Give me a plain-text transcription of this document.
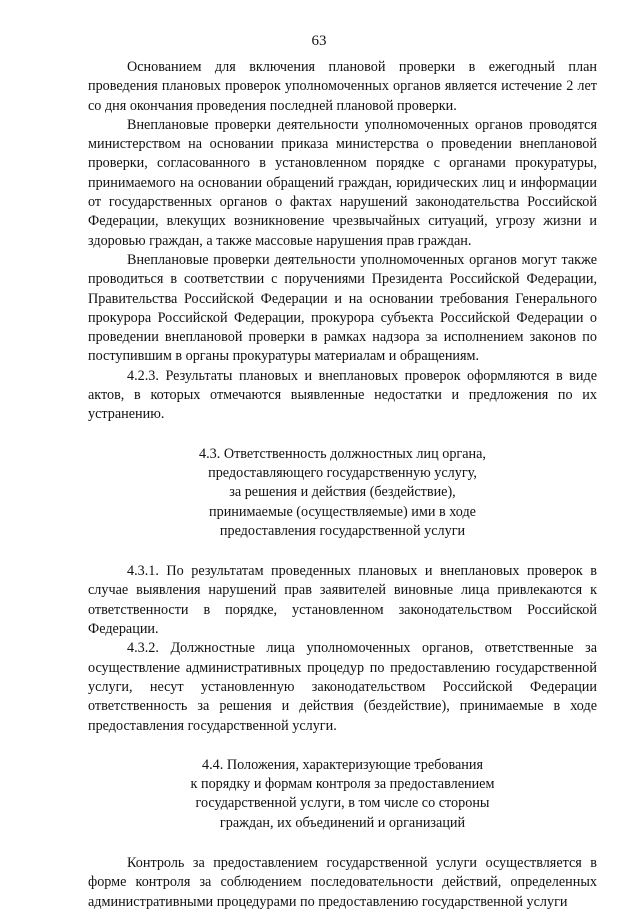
63

Основанием для включения плановой проверки в ежегодный план проведения плановых проверок уполномоченных органов является истечение 2 лет со дня окончания проведения последней плановой проверки.

Внеплановые проверки деятельности уполномоченных органов проводятся министерством на основании приказа министерства о проведении внеплановой проверки, согласованного в установленном порядке с органами прокуратуры, принимаемого на основании обращений граждан, юридических лиц и информации от государственных органов о фактах нарушений законодательства Российской Федерации, влекущих возникновение чрезвычайных ситуаций, угрозу жизни и здоровью граждан, а также массовые нарушения прав граждан.

Внеплановые проверки деятельности уполномоченных органов могут также проводиться в соответствии с поручениями Президента Российской Федерации, Правительства Российской Федерации и на основании требования Генерального прокурора Российской Федерации, прокурора субъекта Российской Федерации о проведении внеплановой проверки в рамках надзора за исполнением законов по поступившим в органы прокуратуры материалам и обращениям.

4.2.3. Результаты плановых и внеплановых проверок оформляются в виде актов, в которых отмечаются выявленные недостатки и предложения по их устранению.

4.3. Ответственность должностных лиц органа,
предоставляющего государственную услугу,
за решения и действия (бездействие),
принимаемые (осуществляемые) ими в ходе
предоставления государственной услуги

4.3.1. По результатам проведенных плановых и внеплановых проверок в случае выявления нарушений прав заявителей виновные лица привлекаются к ответственности в порядке, установленном законодательством Российской Федерации.

4.3.2. Должностные лица уполномоченных органов, ответственные за осуществление административных процедур по предоставлению государственной услуги, несут установленную законодательством Российской Федерации ответственность за решения и действия (бездействие), принимаемые в ходе предоставления государственной услуги.

4.4. Положения, характеризующие требования
к порядку и формам контроля за предоставлением
государственной услуги, в том числе со стороны
граждан, их объединений и организаций

Контроль за предоставлением государственной услуги осуществляется в форме контроля за соблюдением последовательности действий, определенных административными процедурами по предоставлению государственной услуги
